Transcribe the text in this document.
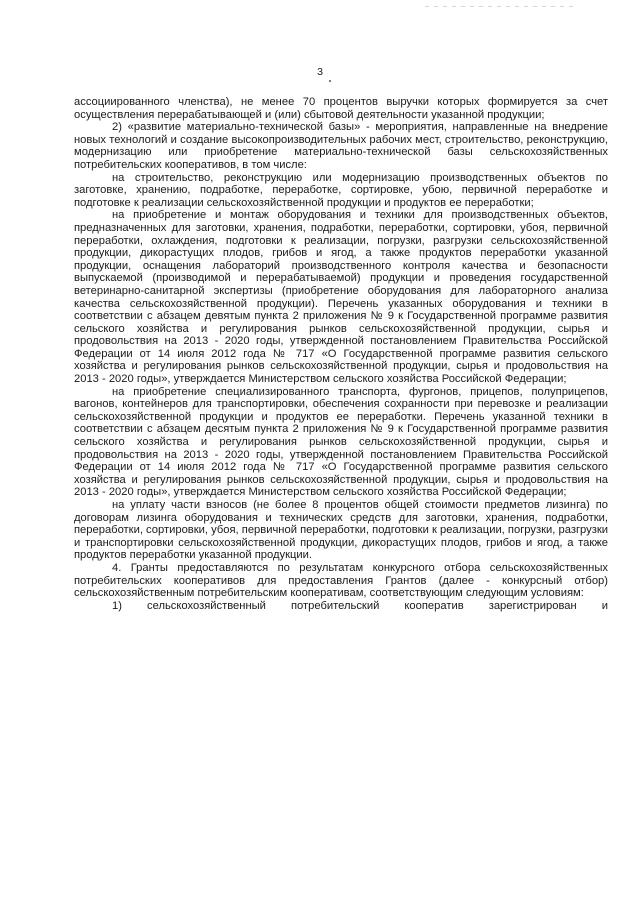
3

ассоциированного членства), не менее 70 процентов выручки которых формируется за счет осуществления перерабатывающей и (или) сбытовой деятельности указанной продукции;

2) «развитие материально-технической базы» - мероприятия, направленные на внедрение новых технологий и создание высокопроизводительных рабочих мест, строительство, реконструкцию, модернизацию или приобретение материально-технической базы сельскохозяйственных потребительских кооперативов, в том числе:

на строительство, реконструкцию или модернизацию производственных объектов по заготовке, хранению, подработке, переработке, сортировке, убою, первичной переработке и подготовке к реализации сельскохозяйственной продукции и продуктов ее переработки;

на приобретение и монтаж оборудования и техники для производственных объектов, предназначенных для заготовки, хранения, подработки, переработки, сортировки, убоя, первичной переработки, охлаждения, подготовки к реализации, погрузки, разгрузки сельскохозяйственной продукции, дикорастущих плодов, грибов и ягод, а также продуктов переработки указанной продукции, оснащения лабораторий производственного контроля качества и безопасности выпускаемой (производимой и перерабатываемой) продукции и проведения государственной ветеринарно-санитарной экспертизы (приобретение оборудования для лабораторного анализа качества сельскохозяйственной продукции). Перечень указанных оборудования и техники в соответствии с абзацем девятым пункта 2 приложения № 9 к Государственной программе развития сельского хозяйства и регулирования рынков сельскохозяйственной продукции, сырья и продовольствия на 2013 - 2020 годы, утвержденной постановлением Правительства Российской Федерации от 14 июля 2012 года № 717 «О Государственной программе развития сельского хозяйства и регулирования рынков сельскохозяйственной продукции, сырья и продовольствия на 2013 - 2020 годы», утверждается Министерством сельского хозяйства Российской Федерации;

на приобретение специализированного транспорта, фургонов, прицепов, полуприцепов, вагонов, контейнеров для транспортировки, обеспечения сохранности при перевозке и реализации сельскохозяйственной продукции и продуктов ее переработки. Перечень указанной техники в соответствии с абзацем десятым пункта 2 приложения № 9 к Государственной программе развития сельского хозяйства и регулирования рынков сельскохозяйственной продукции, сырья и продовольствия на 2013 - 2020 годы, утвержденной постановлением Правительства Российской Федерации от 14 июля 2012 года № 717 «О Государственной программе развития сельского хозяйства и регулирования рынков сельскохозяйственной продукции, сырья и продовольствия на 2013 - 2020 годы», утверждается Министерством сельского хозяйства Российской Федерации;

на уплату части взносов (не более 8 процентов общей стоимости предметов лизинга) по договорам лизинга оборудования и технических средств для заготовки, хранения, подработки, переработки, сортировки, убоя, первичной переработки, подготовки к реализации, погрузки, разгрузки и транспортировки сельскохозяйственной продукции, дикорастущих плодов, грибов и ягод, а также продуктов переработки указанной продукции.

4. Гранты предоставляются по результатам конкурсного отбора сельскохозяйственных потребительских кооперативов для предоставления Грантов (далее - конкурсный отбор) сельскохозяйственным потребительским кооперативам, соответствующим следующим условиям:

1) сельскохозяйственный потребительский кооператив зарегистрирован и
